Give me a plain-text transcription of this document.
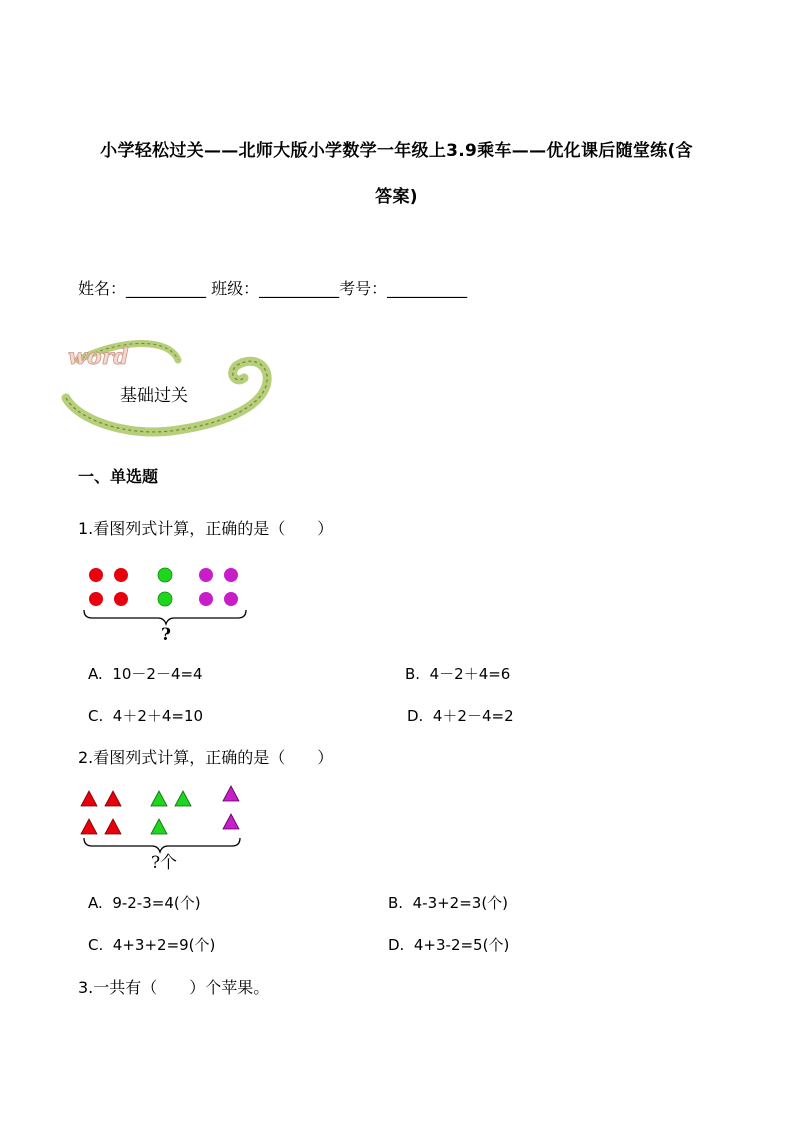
小学轻松过关——北师大版小学数学一年级上3.9乘车——优化课后随堂练(含
答案)
姓名：__________ 班级：__________考号：__________
word
基础过关
一、单选题
1.看图列式计算，正确的是（　　）
?
A. 10－2－4=4	B. 4－2＋4=6
C. 4＋2＋4=10	D. 4＋2－4=2
2.看图列式计算，正确的是（　　）
?个
A. 9-2-3=4(个)	B. 4-3+2=3(个)
C. 4+3+2=9(个)	D. 4+3-2=5(个)
3.一共有（　　）个苹果。
